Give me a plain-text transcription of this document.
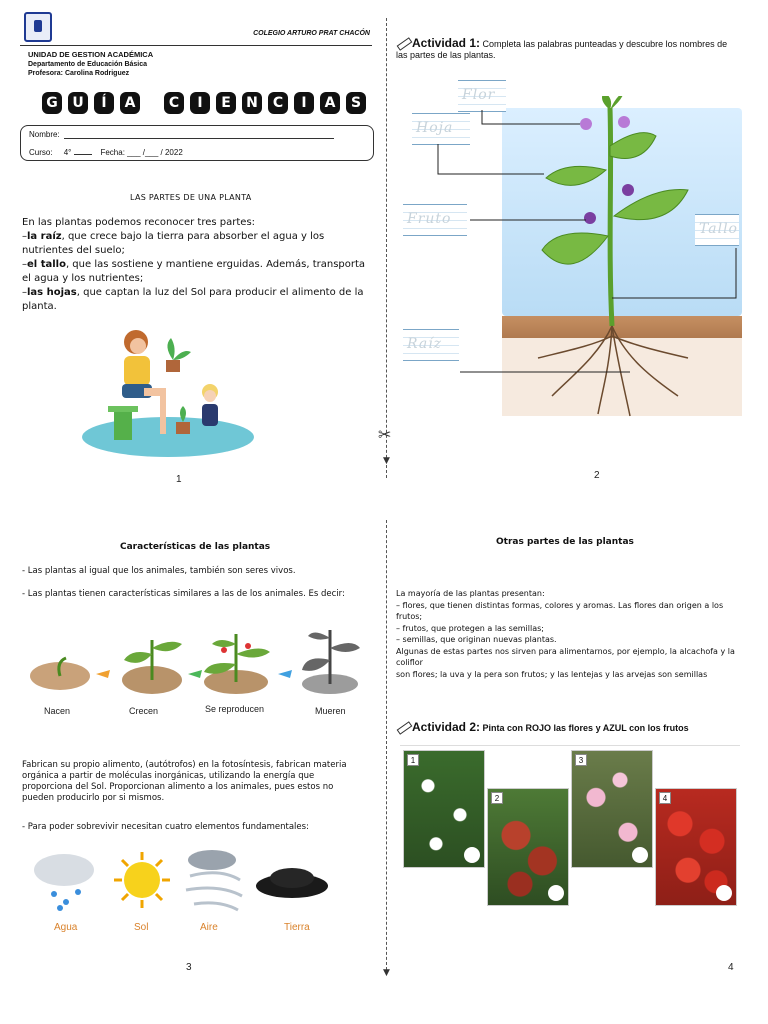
✂
▼
▼
COLEGIO ARTURO PRAT CHACÓN
UNIDAD DE GESTION ACADÉMICA
Departamento de Educación Básica
Profesora: Carolina Rodriguez
G	U	Í	A	C	I	E	N	C	I	A	S
Nombre:
Curso: 4°	Fecha: ___ /___ / 2022
LAS PARTES DE UNA PLANTA
En las plantas podemos reconocer tres partes:
–la raíz, que crece bajo la tierra para absorber el agua y los nutrientes del suelo;
–el tallo, que las sostiene y mantiene erguidas. Además, transporta el agua y los nutrientes;
–las hojas, que captan la luz del Sol para producir el alimento de la planta.
1
Actividad 1: Completa las palabras punteadas y descubre los nombres de las partes de las plantas.
Flor
Hoja
Fruto
Tallo
Raíz
2
Características de las plantas
- Las plantas al igual que los animales, también son seres vivos.
- Las plantas tienen características similares a las de los animales. Es decir:
Nacen	Crecen	Se reproducen	Mueren
Fabrican su propio alimento, (autótrofos) en la fotosíntesis, fabrican materia orgánica a partir de moléculas inorgánicas, utilizando la energía que proporciona del Sol. Proporcionan alimento a los animales, pues estos no pueden producirlo por si mismos.
- Para poder sobrevivir necesitan cuatro elementos fundamentales:
Agua	Sol	Aire	Tierra
3
Otras partes de las plantas
La mayoría de las plantas presentan:
– flores, que tienen distintas formas, colores y aromas. Las flores dan origen a los frutos;
– frutos, que protegen a las semillas;
– semillas, que originan nuevas plantas.
Algunas de estas partes nos sirven para alimentarnos, por ejemplo, la alcachofa y la coliflor
son flores; la uva y la pera son frutos; y las lentejas y las arvejas son semillas
Actividad 2: Pinta con ROJO las flores y AZUL con los frutos
1
2
3
4
4
